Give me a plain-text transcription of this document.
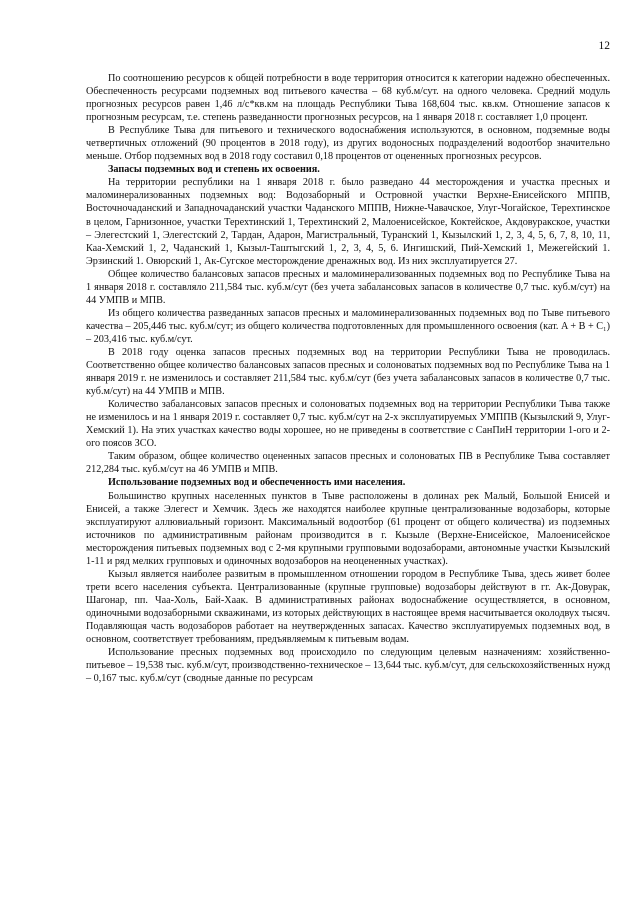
12

По соотношению ресурсов к общей потребности в воде территория относится к категории надежно обеспеченных. Обеспеченность ресурсами подземных вод питьевого качества – 68 куб.м/сут. на одного человека. Средний модуль прогнозных ресурсов равен 1,46 л/с*кв.км на площадь Республики Тыва 168,604 тыс. кв.км. Отношение запасов к прогнозным ресурсам, т.е. степень разведанности прогнозных ресурсов, на 1 января 2018 г. составляет 1,0 процент.

В Республике Тыва для питьевого и технического водоснабжения используются, в основном, подземные воды четвертичных отложений (90 процентов в 2018 году), из других водоносных подразделений водоотбор значительно меньше. Отбор подземных вод в 2018 году составил 0,18 процентов от оцененных прогнозных ресурсов.

Запасы подземных вод и степень их освоения.

На территории республики на 1 января 2018 г. было разведано 44 месторождения и участка пресных и маломинерализованных подземных вод: Водозаборный и Островной участки Верхне-Енисейского МППВ, Восточночаданский и Западночаданский участки Чаданского МППВ, Нижне-Чавачское, Улуг-Чогайское, Терехтинское в целом, Гарнизонное, участки Терехтинский 1, Терехтинский 2, Малоенисейское, Коктейское, Акдовуракское, участки – Элегестский 1, Элегестский 2, Тардан, Адарон, Магистральный, Туранский 1, Кызылский 1, 2, 3, 4, 5, 6, 7, 8, 10, 11, Каа-Хемский 1, 2, Чаданский 1, Кызыл-Таштыгский 1, 2, 3, 4, 5, 6. Ингишский, Пий-Хемский 1, Межегейский 1. Эрзинский 1. Овюрский 1, Ак-Сугское месторождение дренажных вод. Из них эксплуатируется 27.

Общее количество балансовых запасов пресных и маломинерализованных подземных вод по Республике Тыва на 1 января 2018 г. составляло 211,584 тыс. куб.м/сут (без учета забалансовых запасов в количестве 0,7 тыс. куб.м/сут) на 44 УМПВ и МПВ.

Из общего количества разведанных запасов пресных и маломинерализованных подземных вод по Тыве питьевого качества – 205,446 тыс. куб.м/сут; из общего количества подготовленных для промышленного освоения (кат. A + B + C₁) – 203,416 тыс. куб.м/сут.

В 2018 году оценка запасов пресных подземных вод на территории Республики Тыва не проводилась. Соответственно общее количество балансовых запасов пресных и солоноватых подземных вод по Республике Тыва на 1 января 2019 г. не изменилось и составляет 211,584 тыс. куб.м/сут (без учета забалансовых запасов в количестве 0,7 тыс. куб.м/сут) на 44 УМПВ и МПВ.

Количество забалансовых запасов пресных и солоноватых подземных вод на территории Республики Тыва также не изменилось и на 1 января 2019 г. составляет 0,7 тыс. куб.м/сут на 2-х эксплуатируемых УМППВ (Кызылский 9, Улуг-Хемский 1). На этих участках качество воды хорошее, но не приведены в соответствие с СанПиН территории 1-ого и 2-ого поясов ЗСО.

Таким образом, общее количество оцененных запасов пресных и солоноватых ПВ в Республике Тыва составляет 212,284 тыс. куб.м/сут на 46 УМПВ и МПВ.

Использование подземных вод и обеспеченность ими населения.

Большинство крупных населенных пунктов в Тыве расположены в долинах рек Малый, Большой Енисей и Енисей, а также Элегест и Хемчик. Здесь же находятся наиболее крупные централизованные водозаборы, которые эксплуатируют аллювиальный горизонт. Максимальный водоотбор (61 процент от общего количества) из подземных источников по административным районам производится в г. Кызыле (Верхне-Енисейское, Малоенисейское месторождения питьевых подземных вод с 2-мя крупными групповыми водозаборами, автономные участки Кызылский 1-11 и ряд мелких групповых и одиночных водозаборов на неоцененных участках).

Кызыл является наиболее развитым в промышленном отношении городом в Республике Тыва, здесь живет более трети всего населения субъекта. Централизованные (крупные групповые) водозаборы действуют в гг. Ак-Довурак, Шагонар, пп. Чаа-Холь, Бай-Хаак. В административных районах водоснабжение осуществляется, в основном, одиночными водозаборными скважинами, из которых действующих в настоящее время насчитывается околодвух тысяч. Подавляющая часть водозаборов работает на неутвержденных запасах. Качество эксплуатируемых подземных вод, в основном, соответствует требованиям, предъявляемым к питьевым водам.

Использование пресных подземных вод происходило по следующим целевым назначениям: хозяйственно-питьевое – 19,538 тыс. куб.м/сут, производственно-техническое – 13,644 тыс. куб.м/сут, для сельскохозяйственных нужд – 0,167 тыс. куб.м/сут (сводные данные по ресурсам
